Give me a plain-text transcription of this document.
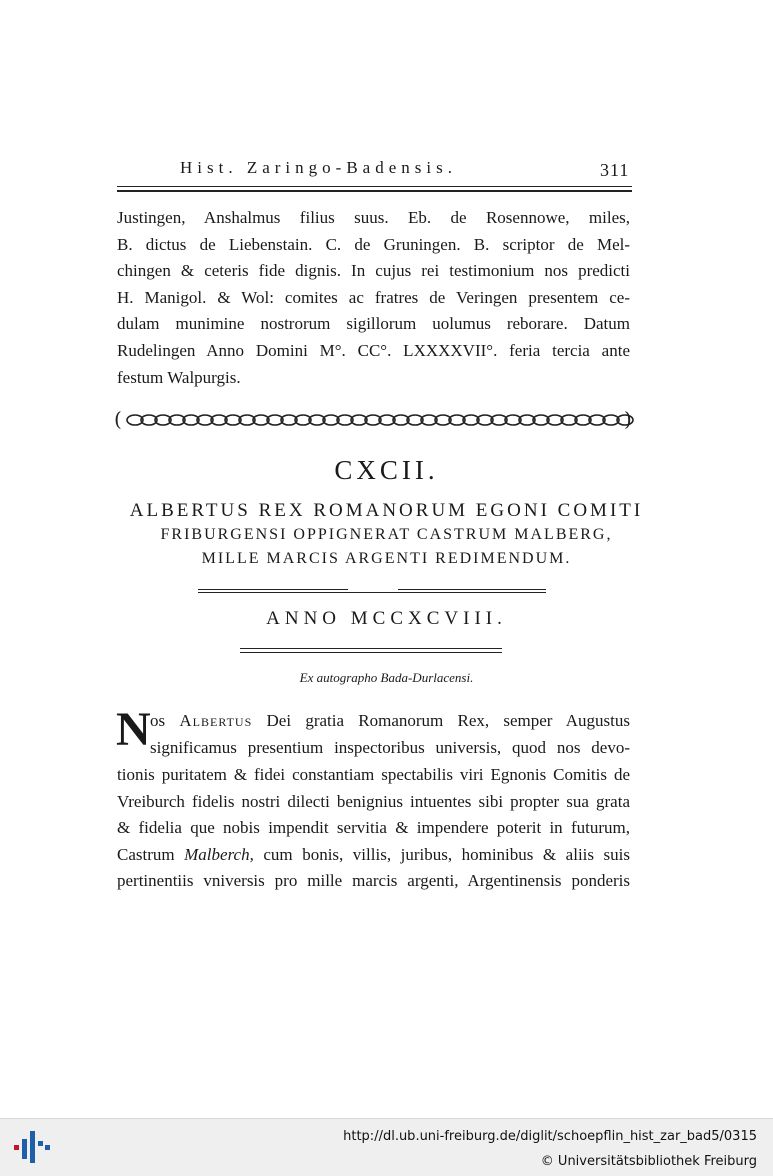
Hist. Zaringo-Badensis.	311
Justingen, Anshalmus filius suus. Eb. de Rosennowe, miles,
B. dictus de Liebenstain. C. de Gruningen. B. scriptor de Mel-
chingen & ceteris fide dignis. In cujus rei testimonium nos predicti
H. Manigol. & Wol: comites ac fratres de Veringen presentem ce-
dulam munimine nostrorum sigillorum uolumus reborare. Datum
Rudelingen Anno Domini M°. CC°. LXXXXVII°. feria tercia ante
festum Walpurgis.
(	)
CXCII.
ALBERTUS REX ROMANORUM EGONI COMITI
FRIBURGENSI OPPIGNERAT CASTRUM MALBERG,
MILLE MARCIS ARGENTI REDIMENDUM.
ANNO MCCXCVIII.
Ex autographo Bada-Durlacensi.
N os Albertus Dei gratia Romanorum Rex, semper Augustus
significamus presentium inspectoribus universis, quod nos devo-
tionis puritatem & fidei constantiam spectabilis viri Egnonis Comitis de
Vreiburch fidelis nostri dilecti benignius intuentes sibi propter sua grata
& fidelia que nobis impendit servitia & impendere poterit in futurum,
Castrum Malberch, cum bonis, villis, juribus, hominibus & aliis suis
pertinentiis vniversis pro mille marcis argenti, Argentinensis ponderis
http://dl.ub.uni-freiburg.de/diglit/schoepflin_hist_zar_bad5/0315
© Universitätsbibliothek Freiburg
